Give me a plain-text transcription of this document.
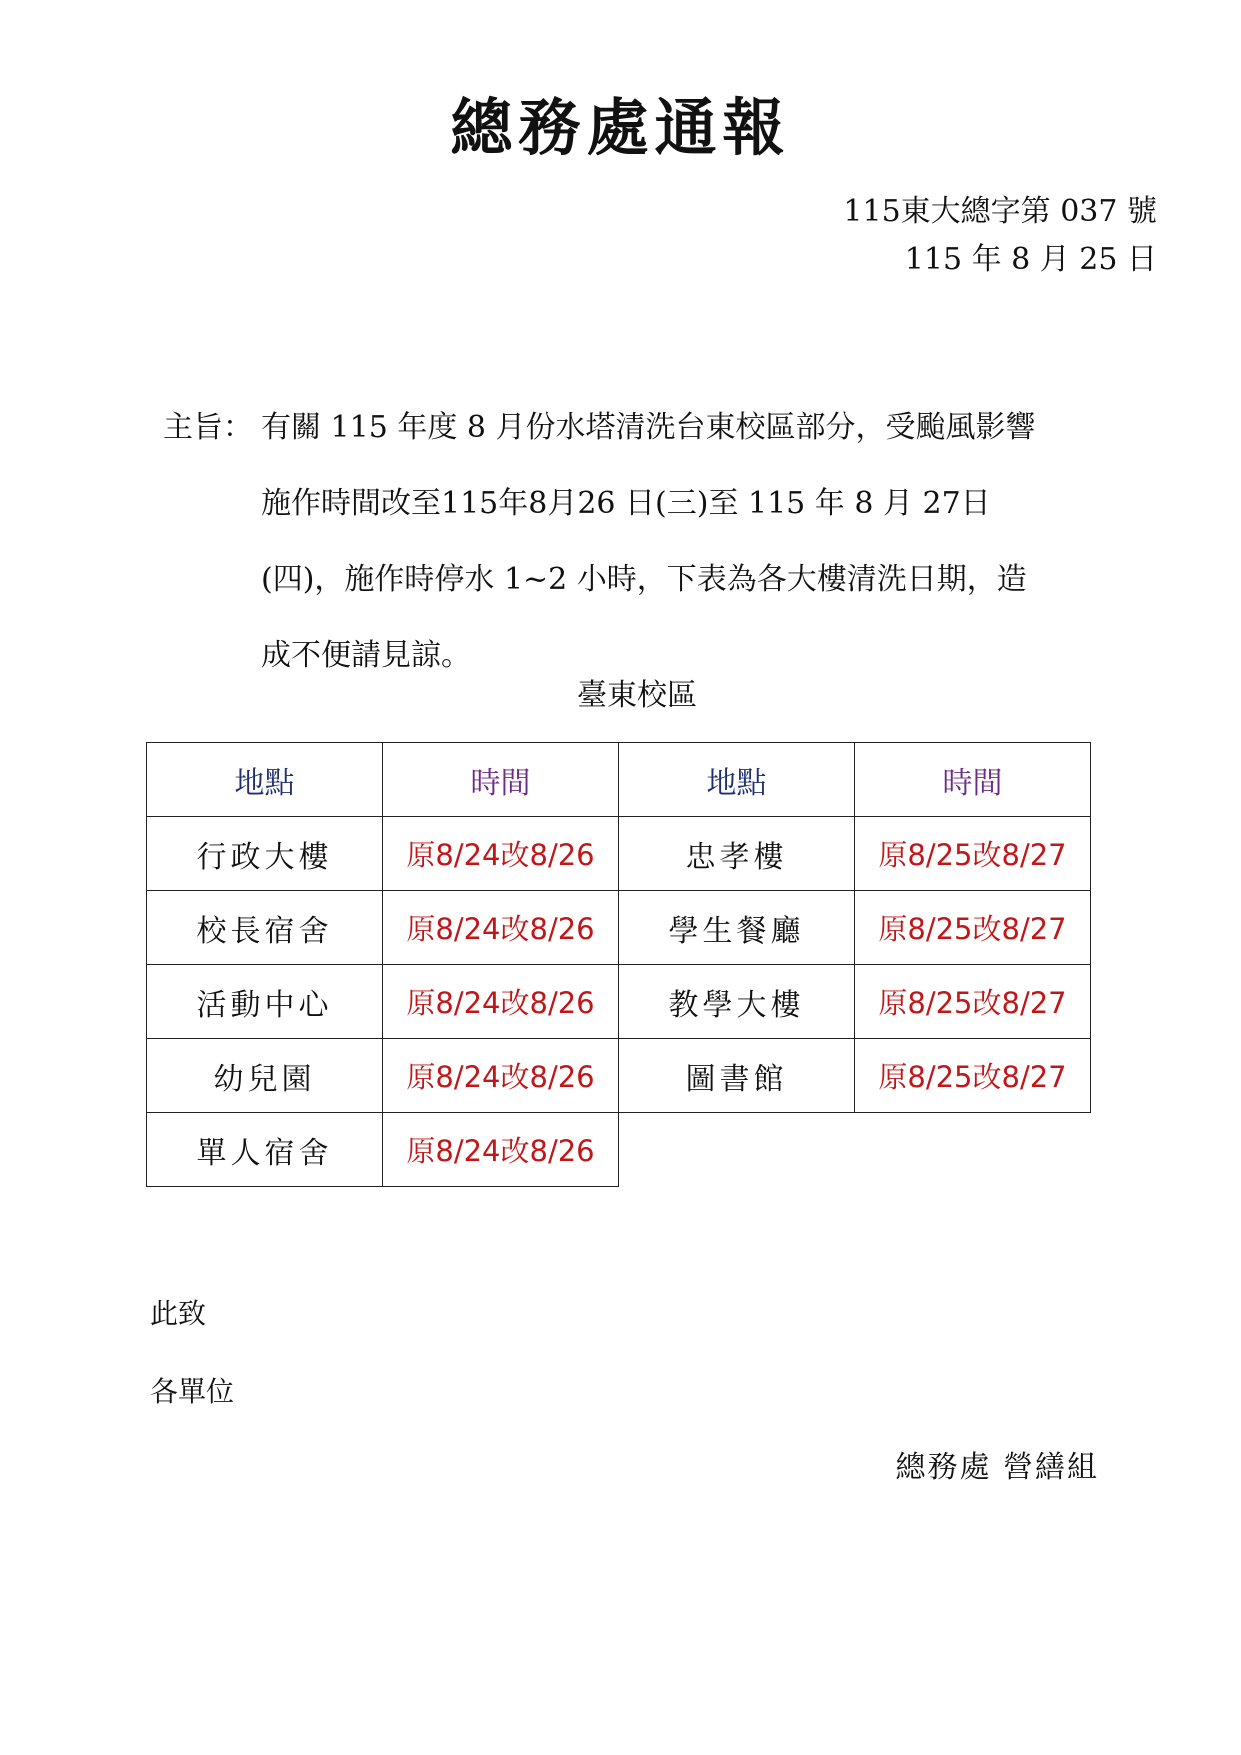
總務處通報
115東大總字第 037 號
115 年 8 月 25 日
主旨： 有關 115 年度 8 月份水塔清洗台東校區部分，受颱風影響
施作時間改至115年8月26 日(三)至 115 年 8 月 27日
(四)，施作時停水 1~2 小時，下表為各大樓清洗日期，造
成不便請見諒。
臺東校區
地點	時間	地點	時間
行政大樓	原8/24改8/26	忠孝樓	原8/25改8/27
校長宿舍	原8/24改8/26	學生餐廳	原8/25改8/27
活動中心	原8/24改8/26	教學大樓	原8/25改8/27
幼兒園	原8/24改8/26	圖書館	原8/25改8/27
單人宿舍	原8/24改8/26		
此致
各單位
總務處 營繕組
